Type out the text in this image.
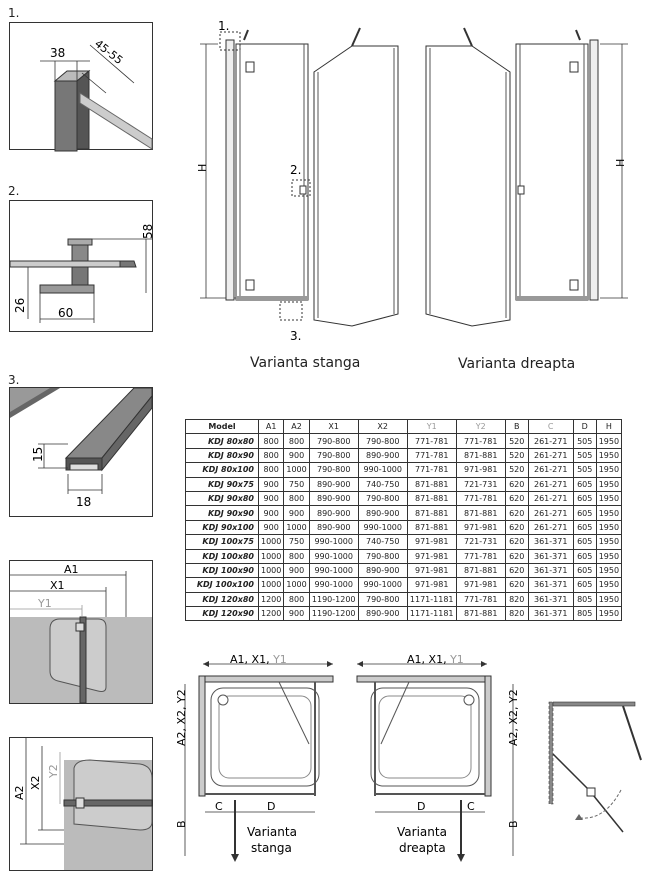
1.
38 45-55
2.
58
26	60
3.
15
18
A1
X1
Y1
A2
X2
Y2
H
1.
2.
3.
H
Varianta stanga	Varianta dreapta
Model	A1	A2	X1	X2	Y1	Y2	B	C	D	H
KDJ 80x80	800	800	790-800	790-800	771-781	771-781	520	261-271	505	1950
KDJ 80x90	800	900	790-800	890-900	771-781	871-881	520	261-271	505	1950
KDJ 80x100	800	1000	790-800	990-1000	771-781	971-981	520	261-271	505	1950
KDJ 90x75	900	750	890-900	740-750	871-881	721-731	620	261-271	605	1950
KDJ 90x80	900	800	890-900	790-800	871-881	771-781	620	261-271	605	1950
KDJ 90x90	900	900	890-900	890-900	871-881	871-881	620	261-271	605	1950
KDJ 90x100	900	1000	890-900	990-1000	871-881	971-981	620	261-271	605	1950
KDJ 100x75	1000	750	990-1000	740-750	971-981	721-731	620	361-371	605	1950
KDJ 100x80	1000	800	990-1000	790-800	971-981	771-781	620	361-371	605	1950
KDJ 100x90	1000	900	990-1000	890-900	971-981	871-881	620	361-371	605	1950
KDJ 100x100	1000	1000	990-1000	990-1000	971-981	971-981	620	361-371	605	1950
KDJ 120x80	1200	800	1190-1200	790-800	1171-1181	771-781	820	361-371	805	1950
KDJ 120x90	1200	900	1190-1200	890-900	1171-1181	871-881	820	361-371	805	1950
A1, X1, Y1
A2, X2, Y2
B
C	D
Varianta
stanga
A1, X1, Y1
A2, X2, Y2
B
D	C
Varianta
dreapta
